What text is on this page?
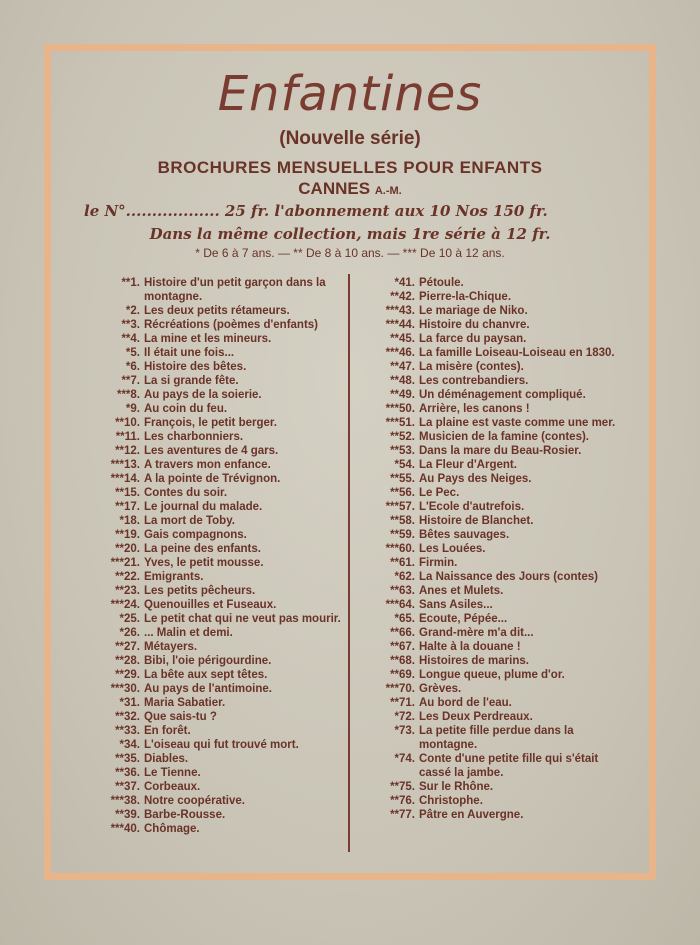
Enfantines
(Nouvelle série)
BROCHURES MENSUELLES POUR ENFANTS
CANNES A.-M.
le N°.................. 25 fr. l'abonnement aux 10 Nos 150 fr.
Dans la même collection, mais 1re série à 12 fr.
* De 6 à 7 ans. — ** De 8 à 10 ans. — *** De 10 à 12 ans.
**1. Histoire d'un petit garçon dans la montagne.
*2. Les deux petits rétameurs.
**3. Récréations (poèmes d'enfants)
**4. La mine et les mineurs.
*5. Il était une fois...
*6. Histoire des bêtes.
**7. La si grande fête.
***8. Au pays de la soierie.
*9. Au coin du feu.
**10. François, le petit berger.
**11. Les charbonniers.
**12. Les aventures de 4 gars.
***13. A travers mon enfance.
***14. A la pointe de Trévignon.
**15. Contes du soir.
**17. Le journal du malade.
*18. La mort de Toby.
**19. Gais compagnons.
**20. La peine des enfants.
***21. Yves, le petit mousse.
**22. Emigrants.
**23. Les petits pêcheurs.
***24. Quenouilles et Fuseaux.
*25. Le petit chat qui ne veut pas mourir.
*26. ... Malin et demi.
**27. Métayers.
**28. Bibi, l'oie périgourdine.
**29. La bête aux sept têtes.
***30. Au pays de l'antimoine.
*31. Maria Sabatier.
**32. Que sais-tu ?
**33. En forêt.
*34. L'oiseau qui fut trouvé mort.
**35. Diables.
**36. Le Tienne.
**37. Corbeaux.
***38. Notre coopérative.
**39. Barbe-Rousse.
***40. Chômage.
*41. Pétoule.
**42. Pierre-la-Chique.
***43. Le mariage de Niko.
***44. Histoire du chanvre.
**45. La farce du paysan.
***46. La famille Loiseau-Loiseau en 1830.
**47. La misère (contes).
**48. Les contrebandiers.
**49. Un déménagement compliqué.
***50. Arrière, les canons !
***51. La plaine est vaste comme une mer.
**52. Musicien de la famine (contes).
**53. Dans la mare du Beau-Rosier.
*54. La Fleur d'Argent.
**55. Au Pays des Neiges.
**56. Le Pec.
***57. L'Ecole d'autrefois.
**58. Histoire de Blanchet.
**59. Bêtes sauvages.
***60. Les Louées.
**61. Firmin.
*62. La Naissance des Jours (contes)
**63. Anes et Mulets.
***64. Sans Asiles...
*65. Ecoute, Pépée...
**66. Grand-mère m'a dit...
**67. Halte à la douane !
**68. Histoires de marins.
**69. Longue queue, plume d'or.
***70. Grèves.
**71. Au bord de l'eau.
*72. Les Deux Perdreaux.
*73. La petite fille perdue dans la montagne.
*74. Conte d'une petite fille qui s'était cassé la jambe.
**75. Sur le Rhône.
**76. Christophe.
**77. Pâtre en Auvergne.
